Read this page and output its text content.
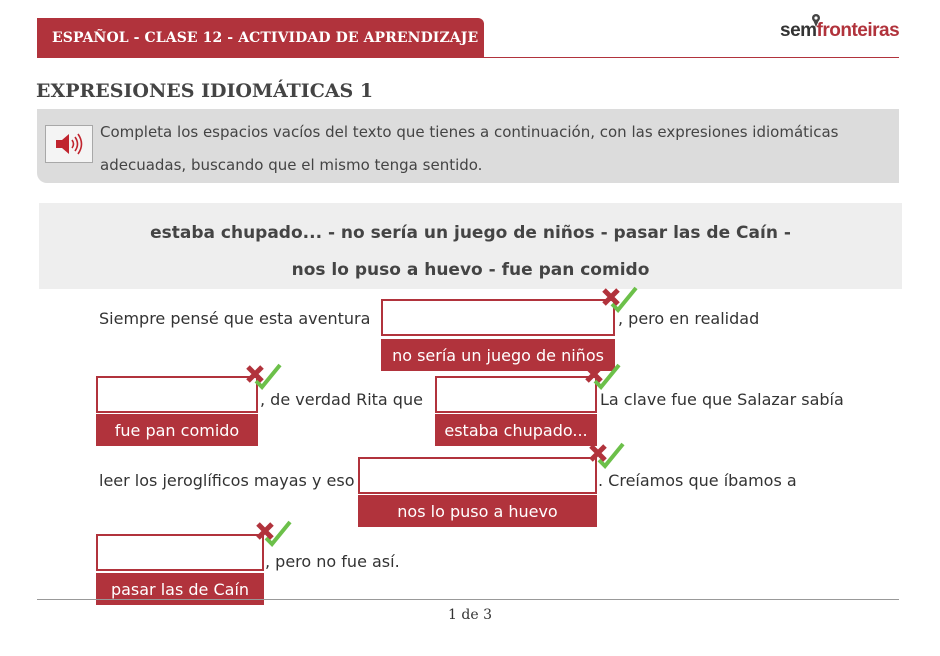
ESPAÑOL - CLASE 12 - ACTIVIDAD DE APRENDIZAJE	semfronteiras
EXPRESIONES IDIOMÁTICAS 1
Completa los espacios vacíos del texto que tienes a continuación, con las expresiones idiomáticas adecuadas, buscando que el mismo tenga sentido.
estaba chupado... - no sería un juego de niños - pasar las de Caín -
nos lo puso a huevo - fue pan comido
Siempre pensé que esta aventura	, pero en realidad
no sería un juego de niños
, de verdad Rita que	La clave fue que Salazar sabía
fue pan comido	estaba chupado...
leer los jeroglíficos mayas y eso	. Creíamos que íbamos a
nos lo puso a huevo
, pero no fue así.
pasar las de Caín
1 de 3
